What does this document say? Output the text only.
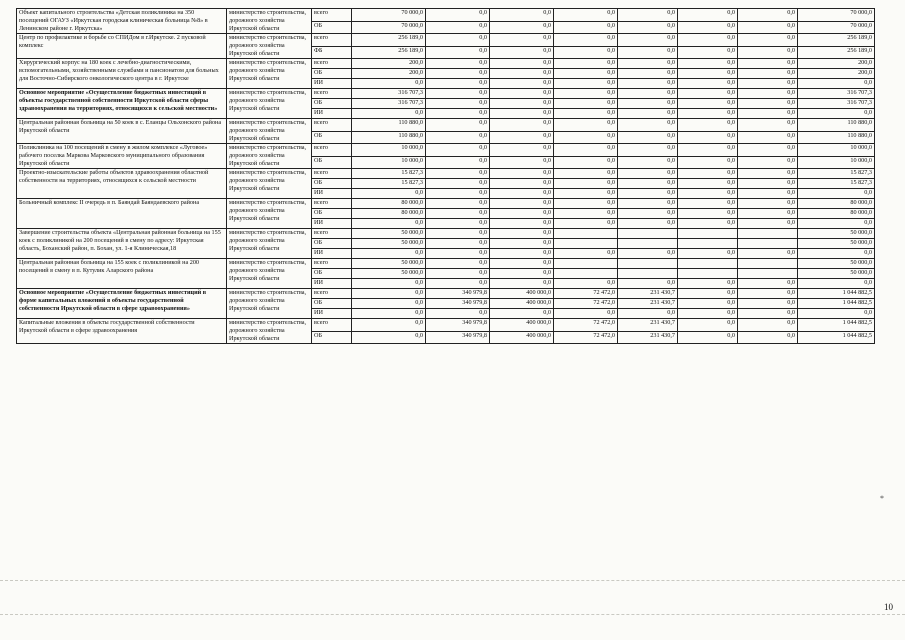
Объект капитального строительства «Детская поликлиника на 350 посещений ОГАУЗ «Иркутская городская клиническая больница №8» в Ленинском районе г. Иркутска»	министерство строительства, дорожного хозяйства Иркутской области	всего	70 000,0	0,0	0,0	0,0	0,0	0,0	0,0	70 000,0
		ОБ	70 000,0	0,0	0,0	0,0	0,0	0,0	0,0	70 000,0
Центр по профилактике и борьбе со СПИДом в г.Иркутске. 2 пусковой комплекс	министерство строительства, дорожного хозяйства Иркутской области	всего	256 189,0	0,0	0,0	0,0	0,0	0,0	0,0	256 189,0
		ФБ	256 189,0	0,0	0,0	0,0	0,0	0,0	0,0	256 189,0
Хирургический корпус на 180 коек с лечебно-диагностическими, вспомогательными, хозяйственными службами и пансионатом для больных для Восточно-Сибирского онкологического центра в г. Иркутске	министерство строительства, дорожного хозяйства Иркутской области	всего	200,0	0,0	0,0	0,0	0,0	0,0	0,0	200,0
		ОБ	200,0	0,0	0,0	0,0	0,0	0,0	0,0	200,0
		ИИ	0,0	0,0	0,0	0,0	0,0	0,0	0,0	0,0
Основное мероприятие «Осуществление бюджетных инвестиций в объекты государственной собственности Иркутской области сферы здравоохранения на территориях, относящихся к сельской местности»	министерство строительства, дорожного хозяйства Иркутской области	всего	316 707,3	0,0	0,0	0,0	0,0	0,0	0,0	316 707,3
		ОБ	316 707,3	0,0	0,0	0,0	0,0	0,0	0,0	316 707,3
		ИИ	0,0	0,0	0,0	0,0	0,0	0,0	0,0	0,0
Центральная районная больница на 50 коек в с. Еланцы Ольхонского района Иркутской области	министерство строительства, дорожного хозяйства Иркутской области	всего	110 880,0	0,0	0,0	0,0	0,0	0,0	0,0	110 880,0
		ОБ	110 880,0	0,0	0,0	0,0	0,0	0,0	0,0	110 880,0
Поликлиника на 100 посещений в смену в жилом комплексе «Луговое» рабочего поселка Маркова Марковского муниципального образования Иркутской области	министерство строительства, дорожного хозяйства Иркутской области	всего	10 000,0	0,0	0,0	0,0	0,0	0,0	0,0	10 000,0
		ОБ	10 000,0	0,0	0,0	0,0	0,0	0,0	0,0	10 000,0
Проектно-изыскательские работы объектов здравоохранения областной собственности на территориях, относящихся к сельской местности	министерство строительства, дорожного хозяйства Иркутской области	всего	15 827,3	0,0	0,0	0,0	0,0	0,0	0,0	15 827,3
		ОБ	15 827,3	0,0	0,0	0,0	0,0	0,0	0,0	15 827,3
		ИИ	0,0	0,0	0,0	0,0	0,0	0,0	0,0	0,0
Больничный комплекс II очередь в п. Баяндай Баяндаевского района	министерство строительства, дорожного хозяйства Иркутской области	всего	80 000,0	0,0	0,0	0,0	0,0	0,0	0,0	80 000,0
		ОБ	80 000,0	0,0	0,0	0,0	0,0	0,0	0,0	80 000,0
		ИИ	0,0	0,0	0,0	0,0	0,0	0,0	0,0	0,0
Завершение строительства объекта «Центральная районная больница на 155 коек с поликлиникой на 200 посещений в смену по адресу: Иркутская область, Боханский район, п. Бохан, ул. 1-я Клиническая,18	министерство строительства, дорожного хозяйства Иркутской области	всего	50 000,0	0,0	0,0					50 000,0
		ОБ	50 000,0	0,0	0,0					50 000,0
		ИИ	0,0	0,0	0,0	0,0	0,0	0,0	0,0	0,0
Центральная районная больница на 155 коек с поликлиникой на 200 посещений в смену в п. Кутулик Аларского района	министерство строительства, дорожного хозяйства Иркутской области	всего	50 000,0	0,0	0,0					50 000,0
		ОБ	50 000,0	0,0	0,0					50 000,0
		ИИ	0,0	0,0	0,0	0,0	0,0	0,0	0,0	0,0
Основное мероприятие «Осуществление бюджетных инвестиций в форме капитальных вложений в объекты государственной собственности Иркутской области в сфере здравоохранения»	министерство строительства, дорожного хозяйства Иркутской области	всего	0,0	340 979,8	400 000,0	72 472,0	231 430,7	0,0	0,0	1 044 882,5
		ОБ	0,0	340 979,8	400 000,0	72 472,0	231 430,7	0,0	0,0	1 044 882,5
		ИИ	0,0	0,0	0,0	0,0	0,0	0,0	0,0	0,0
Капитальные вложения в объекты государственной собственности Иркутской области в сфере здравоохранения	министерство строительства, дорожного хозяйства Иркутской области	всего	0,0	340 979,8	400 000,0	72 472,0	231 430,7	0,0	0,0	1 044 882,5
		ОБ	0,0	340 979,8	400 000,0	72 472,0	231 430,7	0,0	0,0	1 044 882,5
*
10
